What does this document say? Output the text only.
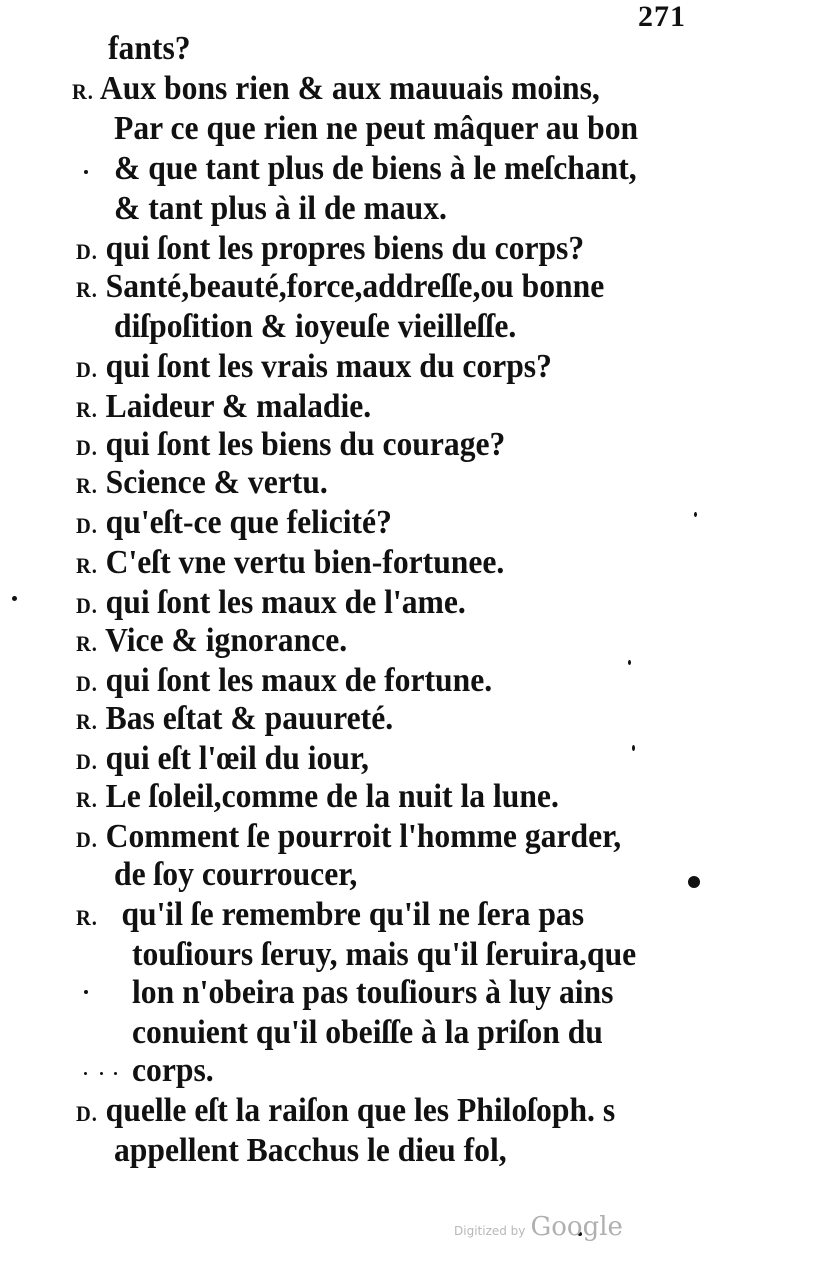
271
fants?
R. Aux bons rien & aux mauuais moins,
Par ce que rien ne peut mâquer au bon
& que tant plus de biens à le meſchant,
& tant plus à il de maux.
D. qui ſont les propres biens du corps?
R. Santé,beauté,force,addreſſe,ou bonne
diſpoſition & ioyeuſe vieilleſſe.
D. qui ſont les vrais maux du corps?
R. Laideur & maladie.
D. qui ſont les biens du courage?
R. Science & vertu.
D. qu'eſt-ce que felicité?
R. C'eſt vne vertu bien-fortunee.
D. qui ſont les maux de l'ame.
R. Vice & ignorance.
D. qui ſont les maux de fortune.
R. Bas eſtat & pauureté.
D. qui eſt l'œil du iour,
R. Le ſoleil,comme de la nuit la lune.
D. Comment ſe pourroit l'homme garder,
de ſoy courroucer,
R. qu'il ſe remembre qu'il ne ſera pas
touſiours ſeruy, mais qu'il ſeruira,que
lon n'obeira pas touſiours à luy ains
conuient qu'il obeiſſe à la priſon du
corps.
D. quelle eſt la raiſon que les Philoſoph. s
appellent Bacchus le dieu fol,
Digitized by Google
